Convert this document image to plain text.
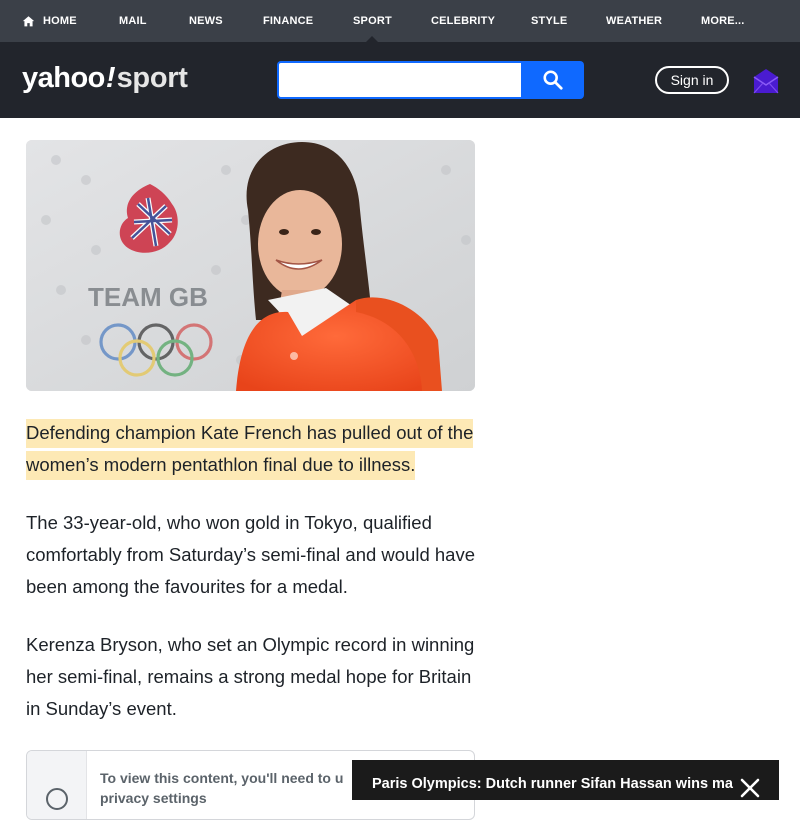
HOME	MAIL	NEWS	FINANCE	SPORT	CELEBRITY	STYLE	WEATHER	MORE...
yahoo ! sport	Sign in
TEAM GB

Defending champion Kate French has pulled out of the women’s modern pentathlon final due to illness.

The 33-year-old, who won gold in Tokyo, qualified comfortably from Saturday’s semi-final and would have been among the favourites for a medal.

Kerenza Bryson, who set an Olympic record in winning her semi-final, remains a strong medal hope for Britain in Sunday’s event.

To view this content, you'll need to u
privacy settings
Paris Olympics: Dutch runner Sifan Hassan wins ma
